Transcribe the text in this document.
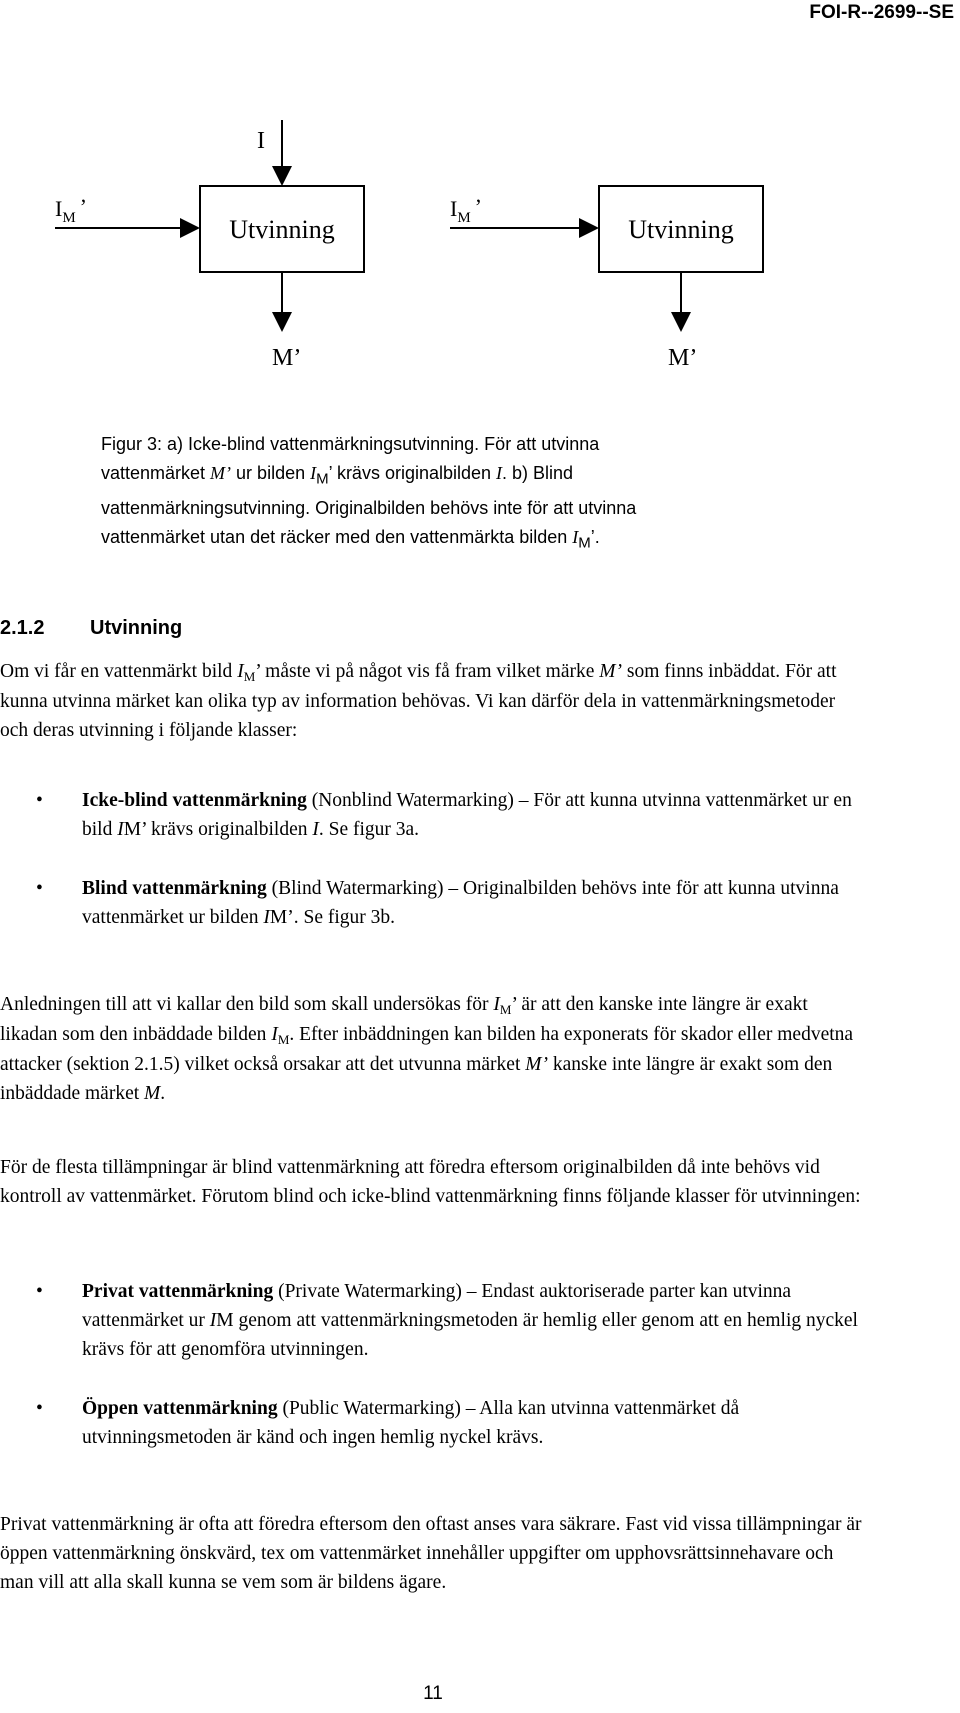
FOI-R--2699--SE
I
$I_M$ ’
Utvinning
M’
$I_M$ ’
Utvinning
M’
Figur 3: a) Icke-blind vattenmärkningsutvinning. För att utvinna
vattenmärket M’ ur bilden $I_M$’ krävs originalbilden I. b) Blind
vattenmärkningsutvinning. Originalbilden behövs inte för att utvinna
vattenmärket utan det räcker med den vattenmärkta bilden $I_M$’.
2.1.2 Utvinning
Om vi får en vattenmärkt bild $I_M$’ måste vi på något vis få fram vilket märke M’ som finns inbäddat. För att kunna utvinna märket kan olika typ av information behövas. Vi kan därför dela in vattenmärkningsmetoder och deras utvinning i följande klasser:
• Icke-blind vattenmärkning (Nonblind Watermarking) – För att kunna utvinna vattenmärket ur en bild IM’ krävs originalbilden I. Se figur 3a.
• Blind vattenmärkning (Blind Watermarking) – Originalbilden behövs inte för att kunna utvinna vattenmärket ur bilden IM’. Se figur 3b.
Anledningen till att vi kallar den bild som skall undersökas för $I_M$’ är att den kanske inte längre är exakt likadan som den inbäddade bilden $I_M$. Efter inbäddningen kan bilden ha exponerats för skador eller medvetna attacker (sektion 2.1.5) vilket också orsakar att det utvunna märket M’ kanske inte längre är exakt som den inbäddade märket M.
För de flesta tillämpningar är blind vattenmärkning att föredra eftersom originalbilden då inte behövs vid kontroll av vattenmärket. Förutom blind och icke-blind vattenmärkning finns följande klasser för utvinningen:
• Privat vattenmärkning (Private Watermarking) – Endast auktoriserade parter kan utvinna vattenmärket ur IM genom att vattenmärkningsmetoden är hemlig eller genom att en hemlig nyckel krävs för att genomföra utvinningen.
• Öppen vattenmärkning (Public Watermarking) – Alla kan utvinna vattenmärket då utvinningsmetoden är känd och ingen hemlig nyckel krävs.
Privat vattenmärkning är ofta att föredra eftersom den oftast anses vara säkrare. Fast vid vissa tillämpningar är öppen vattenmärkning önskvärd, tex om vattenmärket innehåller uppgifter om upphovsrättsinnehavare och man vill att alla skall kunna se vem som är bildens ägare.
11
